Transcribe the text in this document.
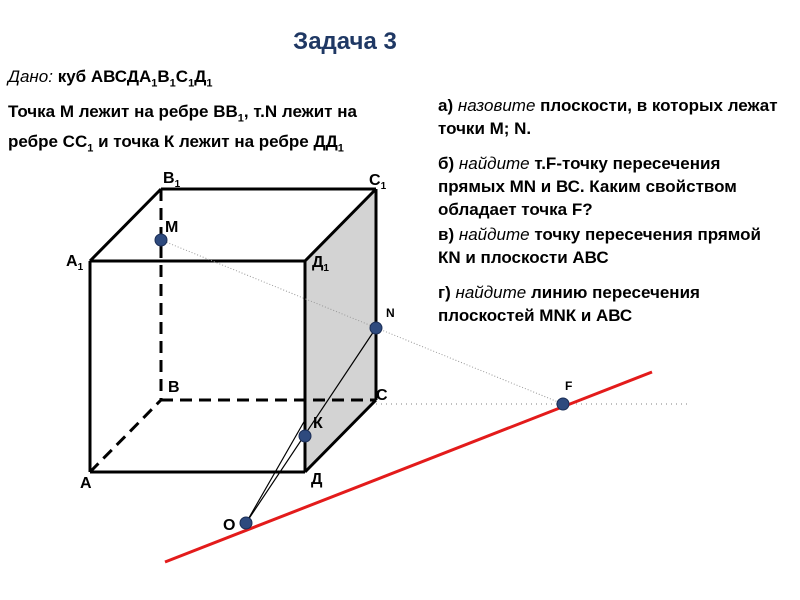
Задача 3
Дано: куб $АВСДА_1В_1С_1Д_1$
Точка М лежит на ребре $ВВ_1$, т.N лежит на
ребре $СС_1$ и точка К лежит на ребре $ДД_1$
а) назовите плоскости, в которых лежат точки М; N.
б) найдите т.F-точку пересечения прямых MN и ВС. Каким свойством обладает точка F?
в) найдите точку пересечения прямой КN и плоскости АВС
г) найдите линию пересечения плоскостей МNК и АВС
$В_1$	$С_1$
$А_1$	$Д_1$
В	С
А	Д
M
N
К
F
О
